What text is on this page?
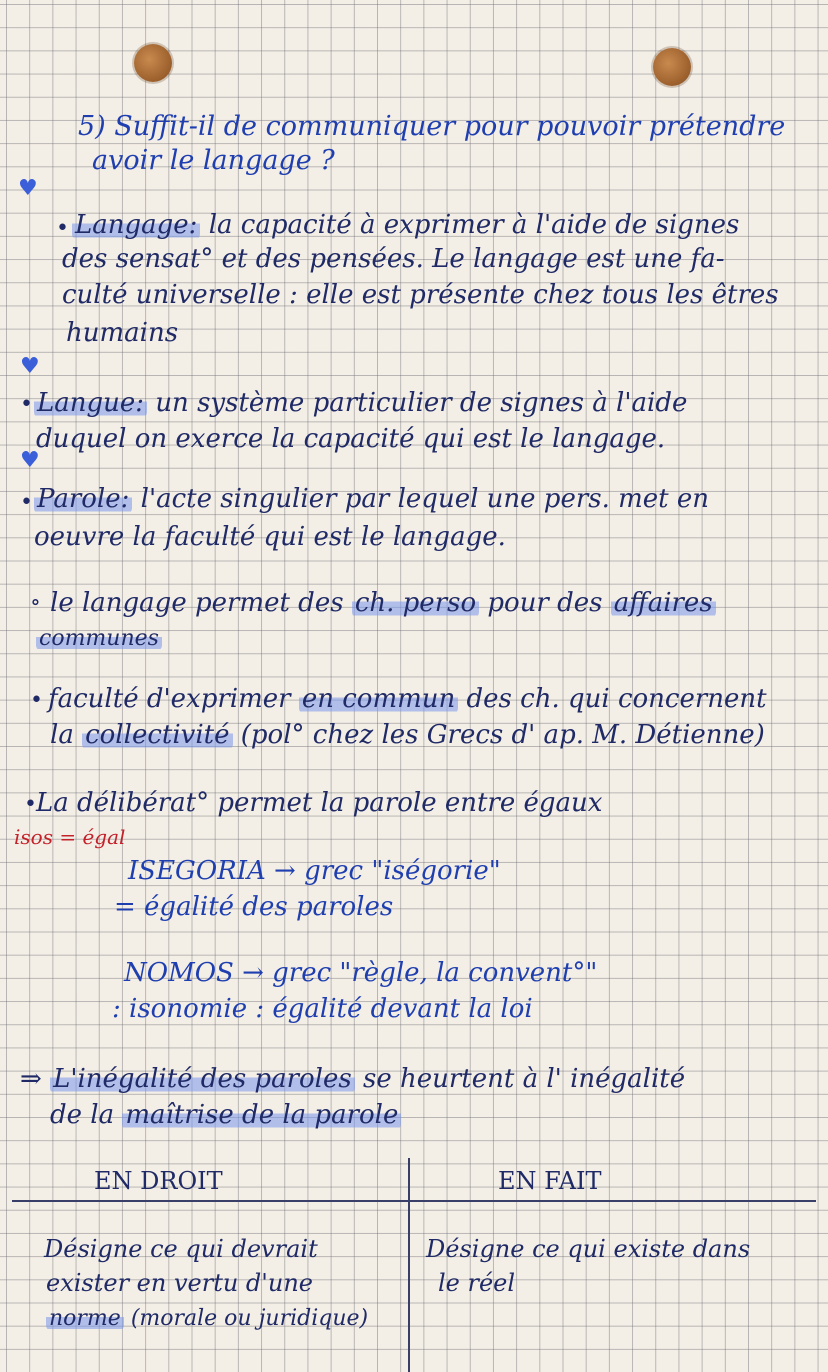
5) Suffit-il de communiquer pour pouvoir prétendre
avoir le langage ?
♥
• Langage: la capacité à exprimer à l'aide de signes
des sensat° et des pensées. Le langage est une fa-
culté universelle : elle est présente chez tous les êtres
humains
♥
• Langue: un système particulier de signes à l'aide
duquel on exerce la capacité qui est le langage.
♥
• Parole: l'acte singulier par lequel une pers. met en
oeuvre la faculté qui est le langage.
∘ le langage permet des ch. perso pour des affaires
communes
• faculté d'exprimer en commun des ch. qui concernent
la collectivité (pol° chez les Grecs d' ap. M. Détienne)
• La délibérat° permet la parole entre égaux
isos = égal
ISEGORIA → grec "iségorie"
= égalité des paroles
NOMOS → grec "règle, la convent°"
: isonomie : égalité devant la loi
⇒ L'inégalité des paroles se heurtent à l' inégalité
de la maîtrise de la parole
EN DROIT	EN FAIT
Désigne ce qui devrait
exister en vertu d'une
norme (morale ou juridique)
Désigne ce qui existe dans
le réel
